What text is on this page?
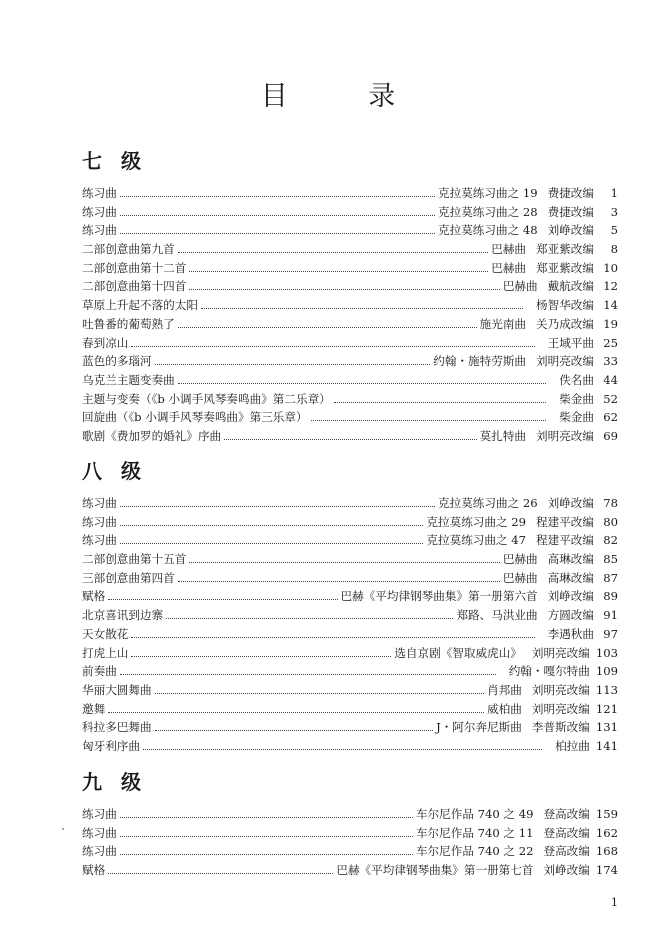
目 录
七 级
练习曲	克拉莫练习曲之 19 费捷改编	1
练习曲	克拉莫练习曲之 28 费捷改编	3
练习曲	克拉莫练习曲之 48 刘峥改编	5
二部创意曲第九首	巴赫曲 郑亚紫改编	8
二部创意曲第十二首	巴赫曲 郑亚紫改编 10
二部创意曲第十四首	巴赫曲 戴航改编 12
草原上升起不落的太阳	杨智华改编 14
吐鲁番的葡萄熟了	施光南曲 关乃成改编 19
春到凉山	王域平曲 25
蓝色的多瑙河	约翰・施特劳斯曲 刘明亮改编 33
乌克兰主题变奏曲	佚名曲 44
主题与变奏（《b 小调手风琴奏鸣曲》第二乐章）	柴金曲 52
回旋曲（《b 小调手风琴奏鸣曲》第三乐章）	柴金曲 62
歌剧《费加罗的婚礼》序曲	莫扎特曲 刘明亮改编 69
八 级
练习曲	克拉莫练习曲之 26 刘峥改编 78
练习曲	克拉莫练习曲之 29 程建平改编 80
练习曲	克拉莫练习曲之 47 程建平改编 82
二部创意曲第十五首	巴赫曲 高琳改编 85
三部创意曲第四首	巴赫曲 高琳改编 87
赋格	巴赫《平均律钢琴曲集》第一册第六首 刘峥改编 89
北京喜讯到边寨	郑路、马洪业曲 方圆改编 91
天女散花	李遇秋曲 97
打虎上山	选自京剧《智取威虎山》 刘明亮改编 103
前奏曲	约翰・嘎尔特曲 109
华丽大圆舞曲	肖邦曲 刘明亮改编 113
邀舞	威柏曲 刘明亮改编 121
科拉多巴舞曲	J・阿尔奔尼斯曲 李普斯改编 131
匈牙利序曲	柏拉曲 141
九 级
练习曲	车尔尼作品 740 之 49 登高改编 159
练习曲	车尔尼作品 740 之 11 登高改编 162
练习曲	车尔尼作品 740 之 22 登高改编 168
赋格	巴赫《平均律钢琴曲集》第一册第七首 刘峥改编 174
1
